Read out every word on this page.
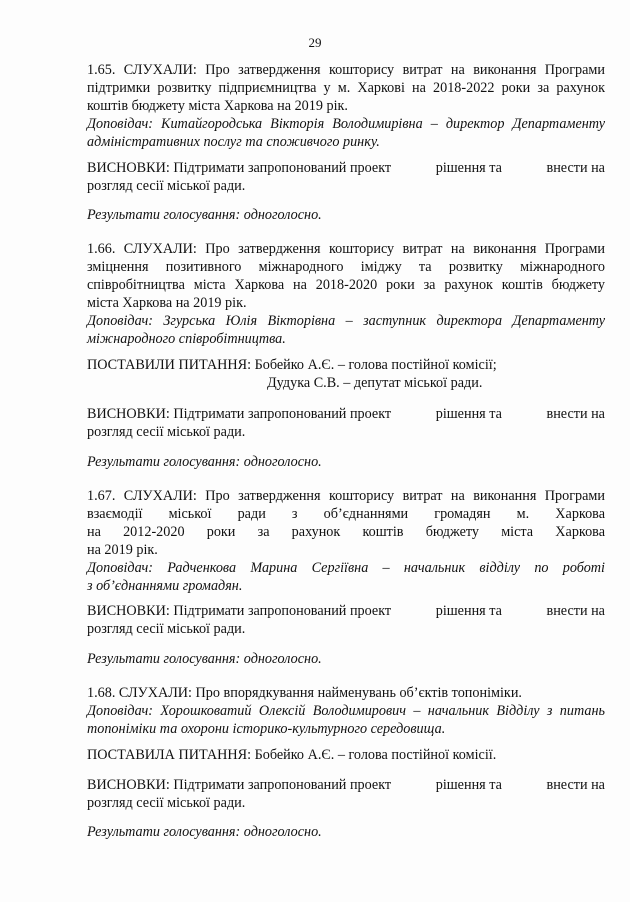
29
1.65. СЛУХАЛИ: Про затвердження кошторису витрат на виконання Програми
підтримки розвитку підприємництва у м. Харкові на 2018-2022 роки за рахунок
коштів бюджету міста Харкова на 2019 рік.
Доповідач: Китайгородська Вікторія Володимирівна – директор Департаменту
адміністративних послуг та споживчого ринку.
ВИСНОВКИ: Підтримати запропонований проект	рішення та	внести на
розгляд сесії міської ради.
Результати голосування: одноголосно.
1.66. СЛУХАЛИ: Про затвердження кошторису витрат на виконання Програми
зміцнення позитивного міжнародного іміджу та розвитку міжнародного
співробітництва міста Харкова на 2018-2020 роки за рахунок коштів бюджету
міста Харкова на 2019 рік.
Доповідач: Згурська Юлія Вікторівна – заступник директора Департаменту
міжнародного співробітництва.
ПОСТАВИЛИ ПИТАННЯ: Бобейко А.Є. – голова постійної комісії;
Дудука С.В. – депутат міської ради.
ВИСНОВКИ: Підтримати запропонований проект	рішення та	внести на
розгляд сесії міської ради.
Результати голосування: одноголосно.
1.67. СЛУХАЛИ: Про затвердження кошторису витрат на виконання Програми
взаємодії міської ради з об’єднаннями громадян м. Харкова
на 2012-2020 роки за рахунок коштів бюджету міста Харкова
на 2019 рік.
Доповідач: Радченкова Марина Сергіївна – начальник відділу по роботі
з об’єднаннями громадян.
ВИСНОВКИ: Підтримати запропонований проект	рішення та	внести на
розгляд сесії міської ради.
Результати голосування: одноголосно.
1.68. СЛУХАЛИ: Про впорядкування найменувань об’єктів топоніміки.
Доповідач: Хорошковатий Олексій Володимирович – начальник Відділу з питань
топоніміки та охорони історико-культурного середовища.
ПОСТАВИЛА ПИТАННЯ: Бобейко А.Є. – голова постійної комісії.
ВИСНОВКИ: Підтримати запропонований проект	рішення та	внести на
розгляд сесії міської ради.
Результати голосування: одноголосно.
